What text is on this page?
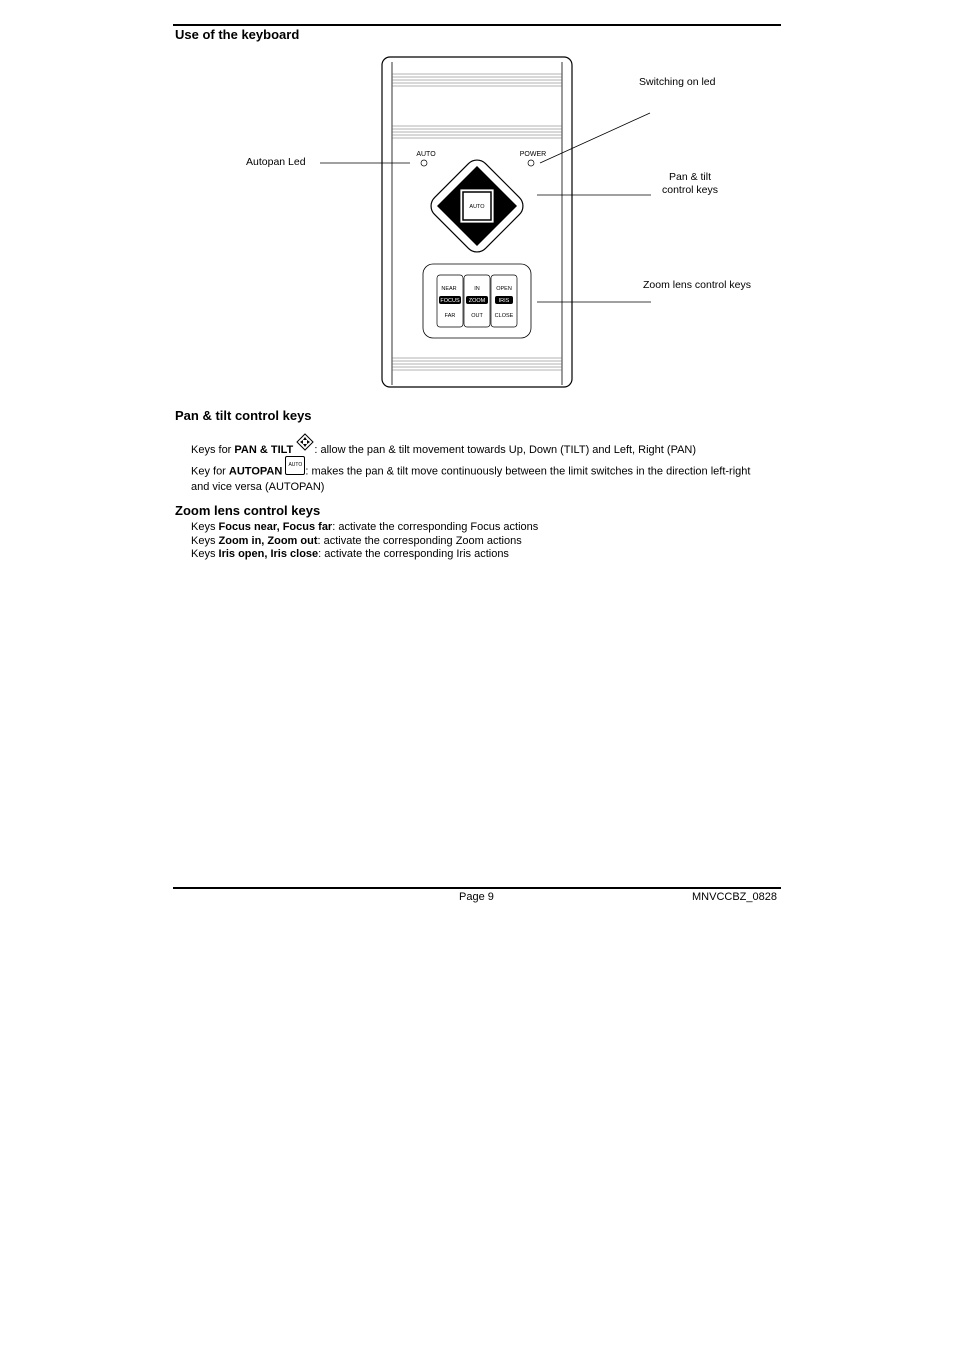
Use of the keyboard
AUTO	POWER
AUTO
NEAR
FOCUS
FAR
IN
ZOOM
OUT
OPEN
IRIS
CLOSE
Switching on led
Autopan Led
Pan & tilt
control keys
Zoom lens control keys
Pan & tilt control keys
Keys for PAN & TILT : allow the pan & tilt movement towards Up, Down (TILT) and Left, Right (PAN)
Key for AUTOPAN
AUTO
: makes the pan & tilt move continuously between the limit switches in the direction left-right
and vice versa (AUTOPAN)
Zoom lens control keys
Keys Focus near, Focus far: activate the corresponding Focus actions
Keys Zoom in, Zoom out: activate the corresponding Zoom actions
Keys Iris open, Iris close: activate the corresponding Iris actions
Page 9	MNVCCBZ_0828
